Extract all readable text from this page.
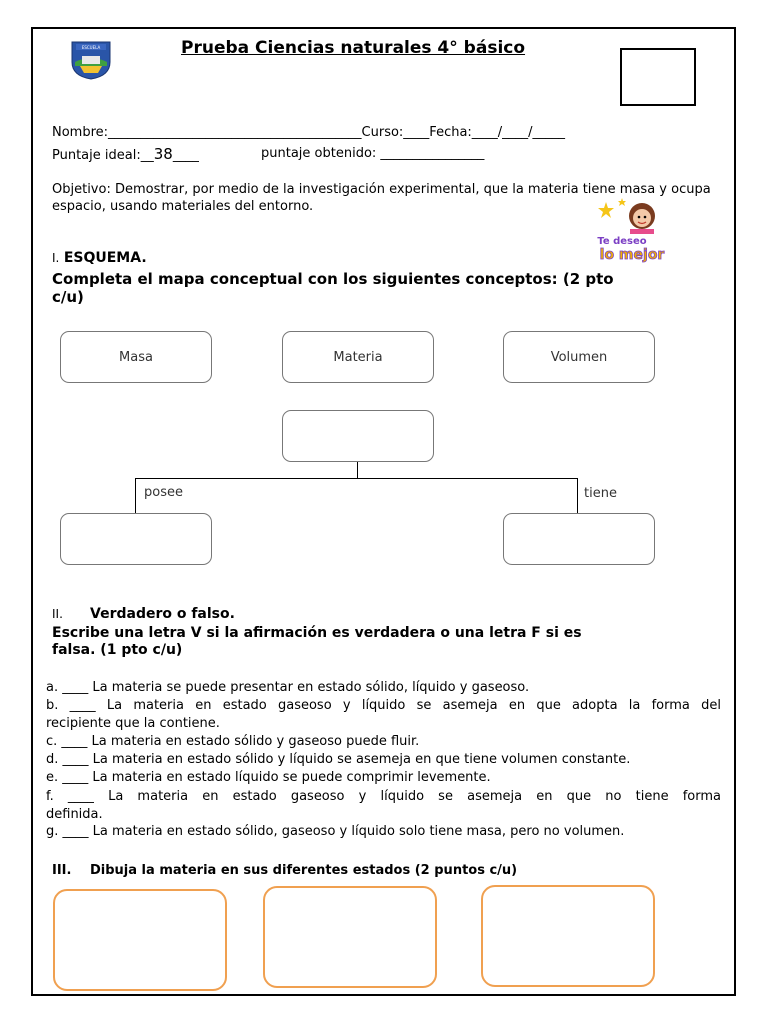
ESCUELA	Prueba Ciencias naturales 4° básico
Nombre:_______________________________________Curso:____Fecha:____/____/_____
Puntaje ideal:__38____	puntaje obtenido: ________________
Objetivo: Demostrar, por medio de la investigación experimental, que la materia tiene masa y ocupa espacio, usando materiales del entorno.
Te deseo
lo mejor
I. ESQUEMA.
Completa el mapa conceptual con los siguientes conceptos: (2 pto
c/u)
Masa	Materia	Volumen
posee	tiene
II. Verdadero o falso.
Escribe una letra V si la afirmación es verdadera o una letra F si es
falsa. (1 pto c/u)
a. ____ La materia se puede presentar en estado sólido, líquido y gaseoso.
b. ____ La materia en estado gaseoso y líquido se asemeja en que adopta la forma del
recipiente que la contiene.
c. ____ La materia en estado sólido y gaseoso puede fluir.
d. ____ La materia en estado sólido y líquido se asemeja en que tiene volumen constante.
e. ____ La materia en estado líquido se puede comprimir levemente.
f. ____ La materia en estado gaseoso y líquido se asemeja en que no tiene forma
definida.
g. ____ La materia en estado sólido, gaseoso y líquido solo tiene masa, pero no volumen.
III. Dibuja la materia en sus diferentes estados (2 puntos c/u)
